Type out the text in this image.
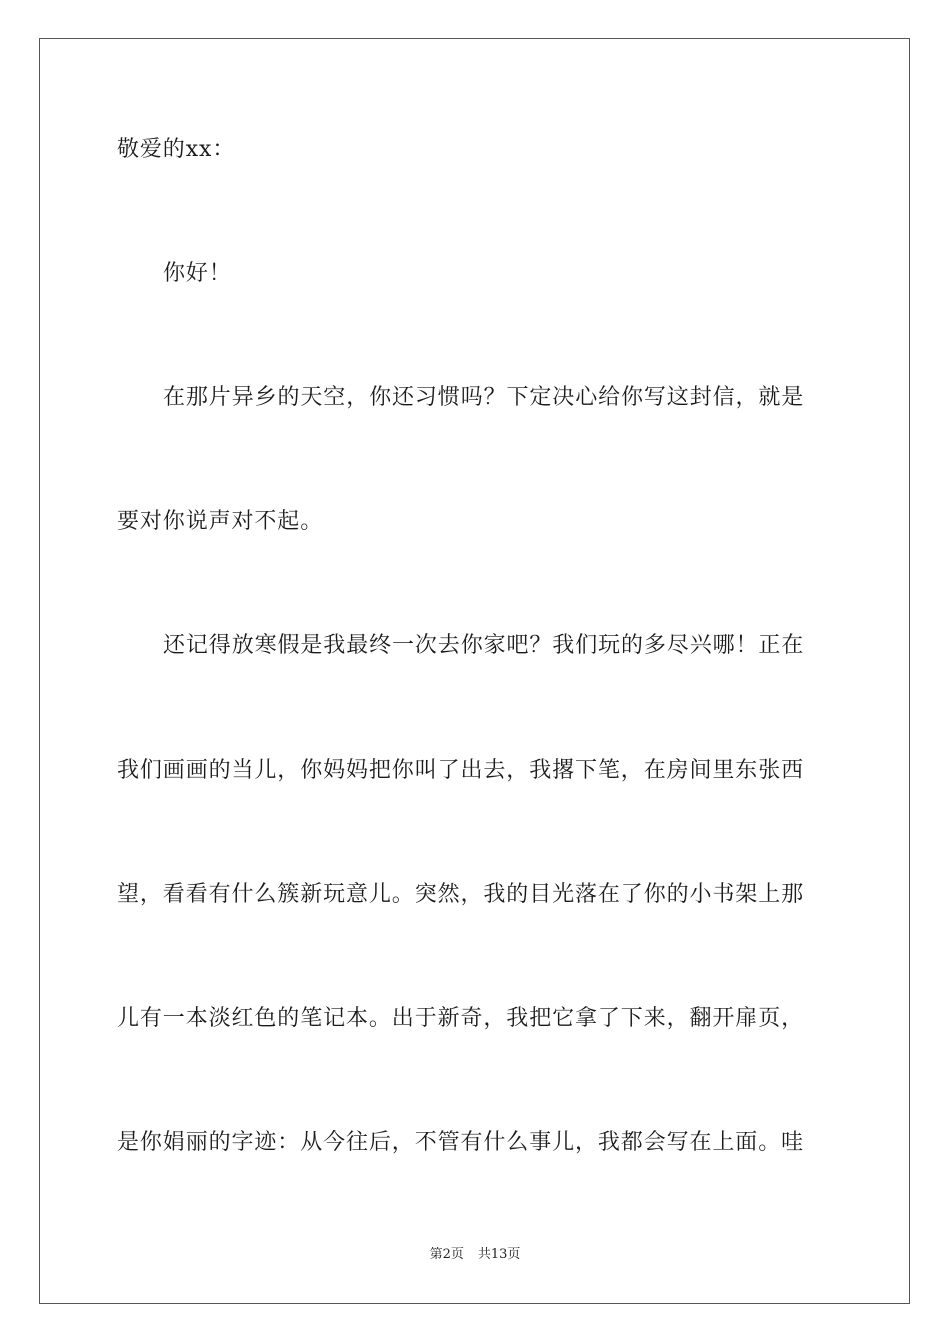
敬爱的xx：
你好！
在那片异乡的天空，你还习惯吗？下定决心给你写这封信，就是
要对你说声对不起。
还记得放寒假是我最终一次去你家吧？我们玩的多尽兴哪！正在
我们画画的当儿，你妈妈把你叫了出去，我撂下笔，在房间里东张西
望，看看有什么簇新玩意儿。突然，我的目光落在了你的小书架上那
儿有一本淡红色的笔记本。出于新奇，我把它拿了下来，翻开扉页，
是你娟丽的字迹：从今往后，不管有什么事儿，我都会写在上面。哇
第2页 共13页
